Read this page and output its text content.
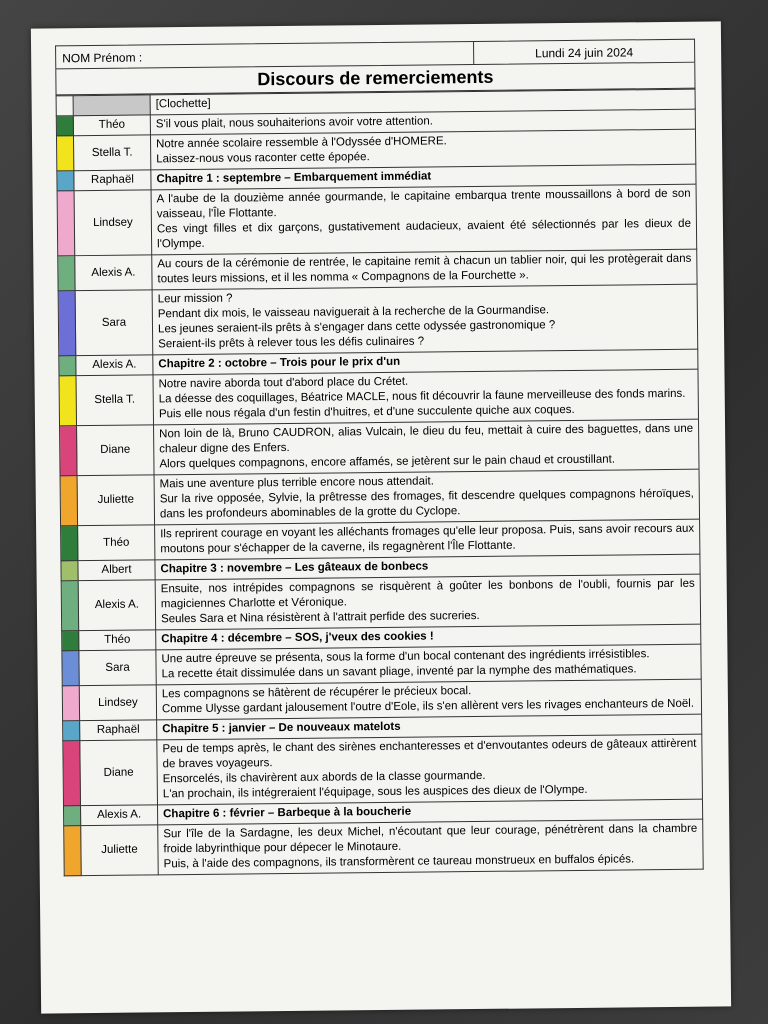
NOM Prénom :	Lundi 24 juin 2024
Discours de remerciements

		[Clochette]

	Théo	S'il vous plait, nous souhaiterions avoir votre attention.

	Stella T.	Notre année scolaire ressemble à l'Odyssée d'HOMERE.
Laissez-nous vous raconter cette épopée.

	Raphaël	Chapitre 1 : septembre – Embarquement immédiat

	Lindsey	A l'aube de la douzième année gourmande, le capitaine embarqua trente moussaillons à bord de son vaisseau, l'Île Flottante.
Ces vingt filles et dix garçons, gustativement audacieux, avaient été sélectionnés par les dieux de l'Olympe.

	Alexis A.	Au cours de la cérémonie de rentrée, le capitaine remit à chacun un tablier noir, qui les protègerait dans toutes leurs missions, et il les nomma « Compagnons de la Fourchette ».

	Sara	Leur mission ?
Pendant dix mois, le vaisseau naviguerait à la recherche de la Gourmandise.
Les jeunes seraient-ils prêts à s'engager dans cette odyssée gastronomique ?
Seraient-ils prêts à relever tous les défis culinaires ?

	Alexis A.	Chapitre 2 : octobre – Trois pour le prix d'un

	Stella T.	Notre navire aborda tout d'abord place du Crétet.
La déesse des coquillages, Béatrice MACLE, nous fit découvrir la faune merveilleuse des fonds marins.
Puis elle nous régala d'un festin d'huitres, et d'une succulente quiche aux coques.

	Diane	Non loin de là, Bruno CAUDRON, alias Vulcain, le dieu du feu, mettait à cuire des baguettes, dans une chaleur digne des Enfers.
Alors quelques compagnons, encore affamés, se jetèrent sur le pain chaud et croustillant.

	Juliette	Mais une aventure plus terrible encore nous attendait.
Sur la rive opposée, Sylvie, la prêtresse des fromages, fit descendre quelques compagnons héroïques, dans les profondeurs abominables de la grotte du Cyclope.

	Théo	Ils reprirent courage en voyant les alléchants fromages qu'elle leur proposa. Puis, sans avoir recours aux moutons pour s'échapper de la caverne, ils regagnèrent l'Île Flottante.

	Albert	Chapitre 3 : novembre – Les gâteaux de bonbecs

	Alexis A.	Ensuite, nos intrépides compagnons se risquèrent à goûter les bonbons de l'oubli, fournis par les magiciennes Charlotte et Véronique.
Seules Sara et Nina résistèrent à l'attrait perfide des sucreries.

	Théo	Chapitre 4 : décembre – SOS, j'veux des cookies !

	Sara	Une autre épreuve se présenta, sous la forme d'un bocal contenant des ingrédients irrésistibles.
La recette était dissimulée dans un savant pliage, inventé par la nymphe des mathématiques.

	Lindsey	Les compagnons se hâtèrent de récupérer le précieux bocal.
Comme Ulysse gardant jalousement l'outre d'Eole, ils s'en allèrent vers les rivages enchanteurs de Noël.

	Raphaël	Chapitre 5 : janvier – De nouveaux matelots

	Diane	Peu de temps après, le chant des sirènes enchanteresses et d'envoutantes odeurs de gâteaux attirèrent de braves voyageurs.
Ensorcelés, ils chavirèrent aux abords de la classe gourmande.
L'an prochain, ils intégreraient l'équipage, sous les auspices des dieux de l'Olympe.

	Alexis A.	Chapitre 6 : février – Barbeque à la boucherie

	Juliette	Sur l'île de la Sardagne, les deux Michel, n'écoutant que leur courage, pénétrèrent dans la chambre froide labyrinthique pour dépecer le Minotaure.
Puis, à l'aide des compagnons, ils transformèrent ce taureau monstrueux en buffalos épicés.
